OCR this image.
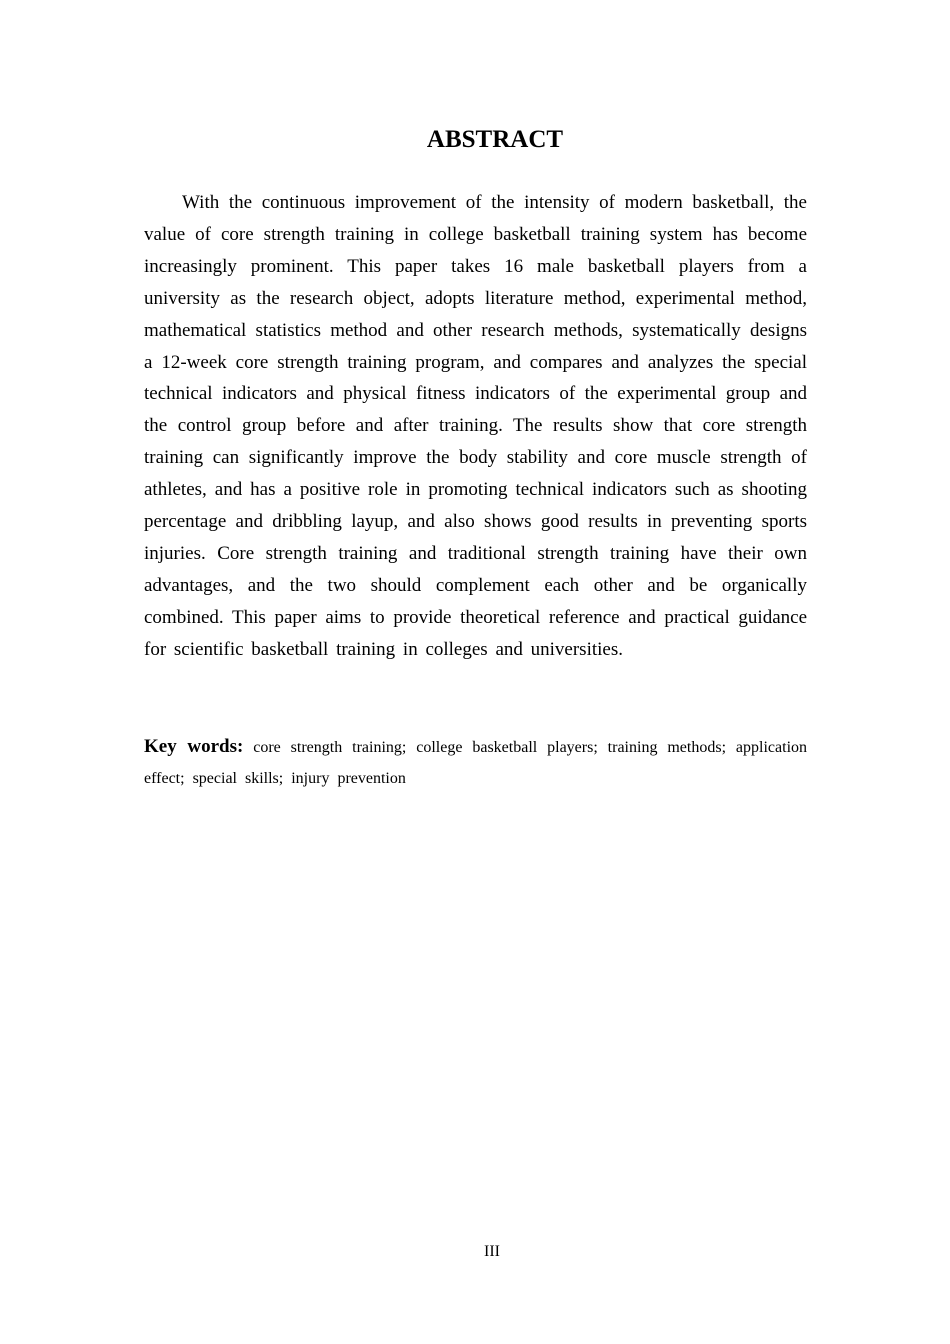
ABSTRACT

With the continuous improvement of the intensity of modern basketball, the value of core strength training in college basketball training system has become increasingly prominent. This paper takes 16 male basketball players from a university as the research object, adopts literature method, experimental method, mathematical statistics method and other research methods, systematically designs a 12-week core strength training program, and compares and analyzes the special technical indicators and physical fitness indicators of the experimental group and the control group before and after training. The results show that core strength training can significantly improve the body stability and core muscle strength of athletes, and has a positive role in promoting technical indicators such as shooting percentage and dribbling layup, and also shows good results in preventing sports injuries. Core strength training and traditional strength training have their own advantages, and the two should complement each other and be organically combined. This paper aims to provide theoretical reference and practical guidance for scientific basketball training in colleges and universities.

Key words: core strength training; college basketball players; training methods; application effect; special skills; injury prevention

III
